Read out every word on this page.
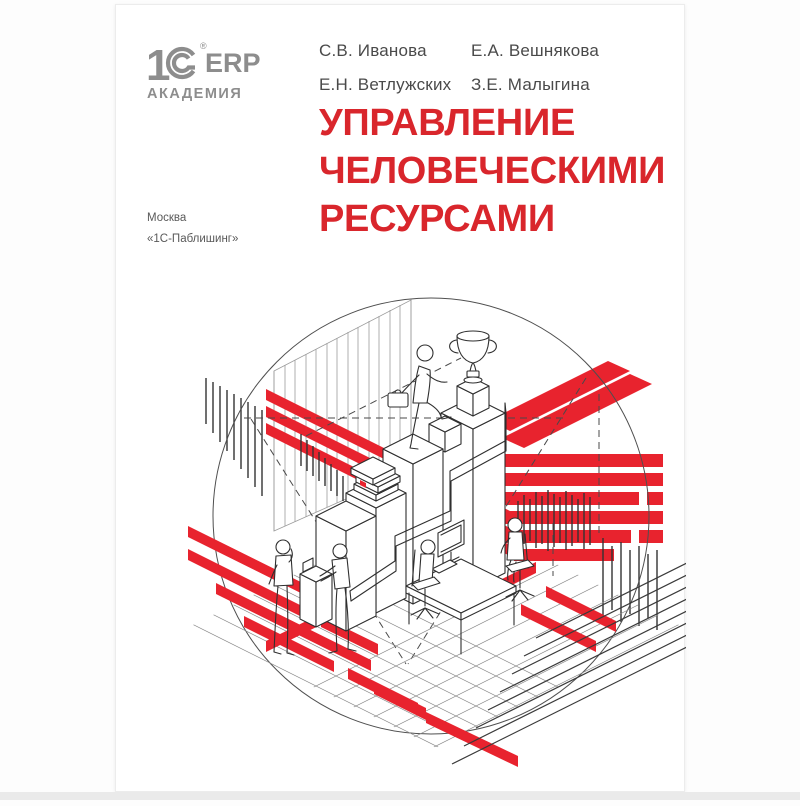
1	®
ERP
АКАДЕМИЯ
С.В. Иванова	Е.А. Вешнякова
Е.Н. Ветлужских	З.Е. Малыгина
УПРАВЛЕНИЕ
ЧЕЛОВЕЧЕСКИМИ
РЕСУРСАМИ
Москва
«1С-Паблишинг»
